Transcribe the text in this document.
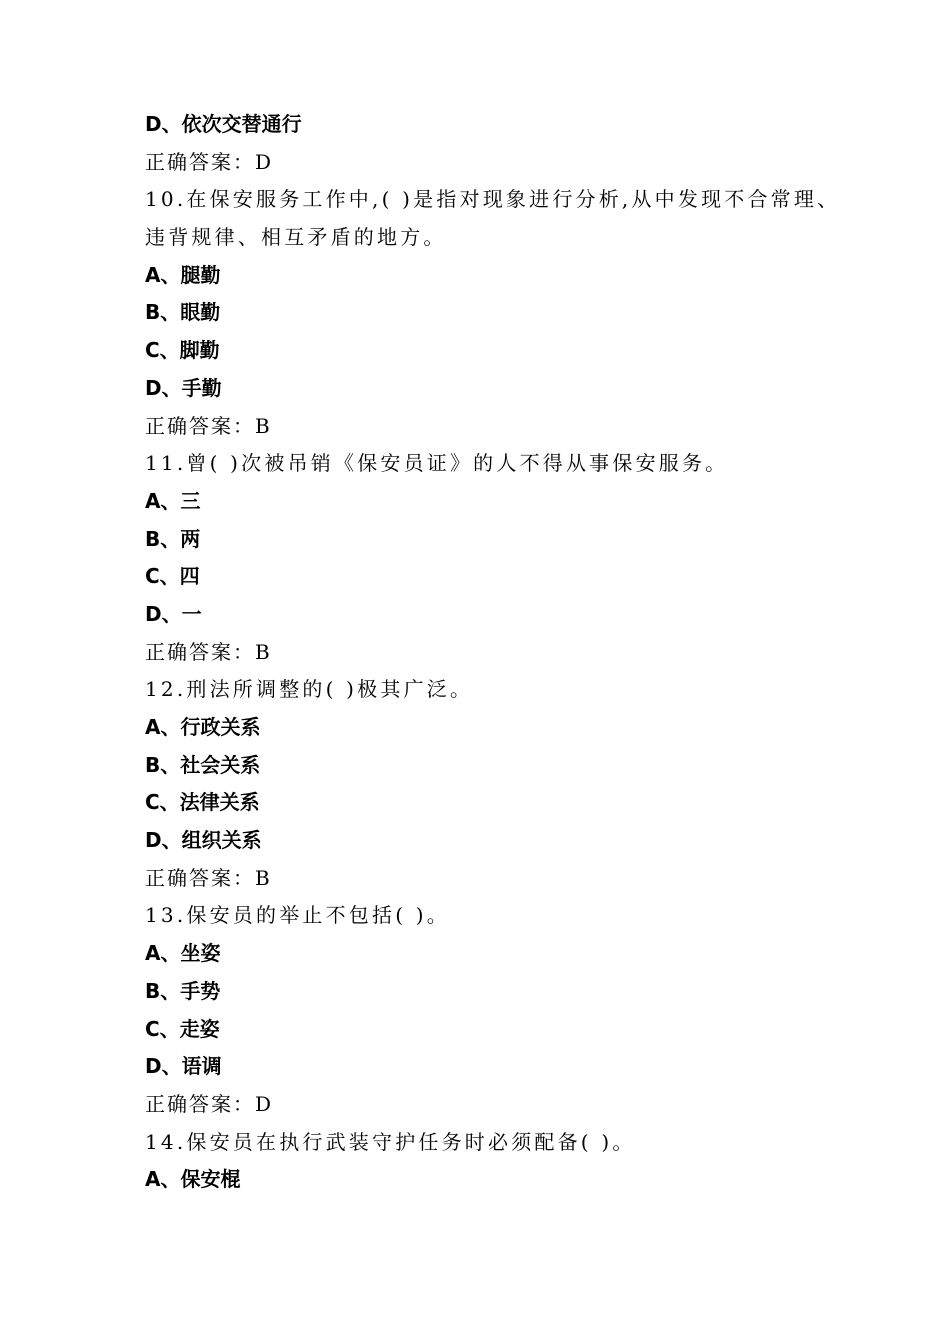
D、依次交替通行
正确答案：D
10.在保安服务工作中,( )是指对现象进行分析,从中发现不合常理、
违背规律、相互矛盾的地方。
A、腿勤
B、眼勤
C、脚勤
D、手勤
正确答案：B
11.曾( )次被吊销《保安员证》的人不得从事保安服务。
A、三
B、两
C、四
D、一
正确答案：B
12.刑法所调整的( )极其广泛。
A、行政关系
B、社会关系
C、法律关系
D、组织关系
正确答案：B
13.保安员的举止不包括( )。
A、坐姿
B、手势
C、走姿
D、语调
正确答案：D
14.保安员在执行武装守护任务时必须配备( )。
A、保安棍
